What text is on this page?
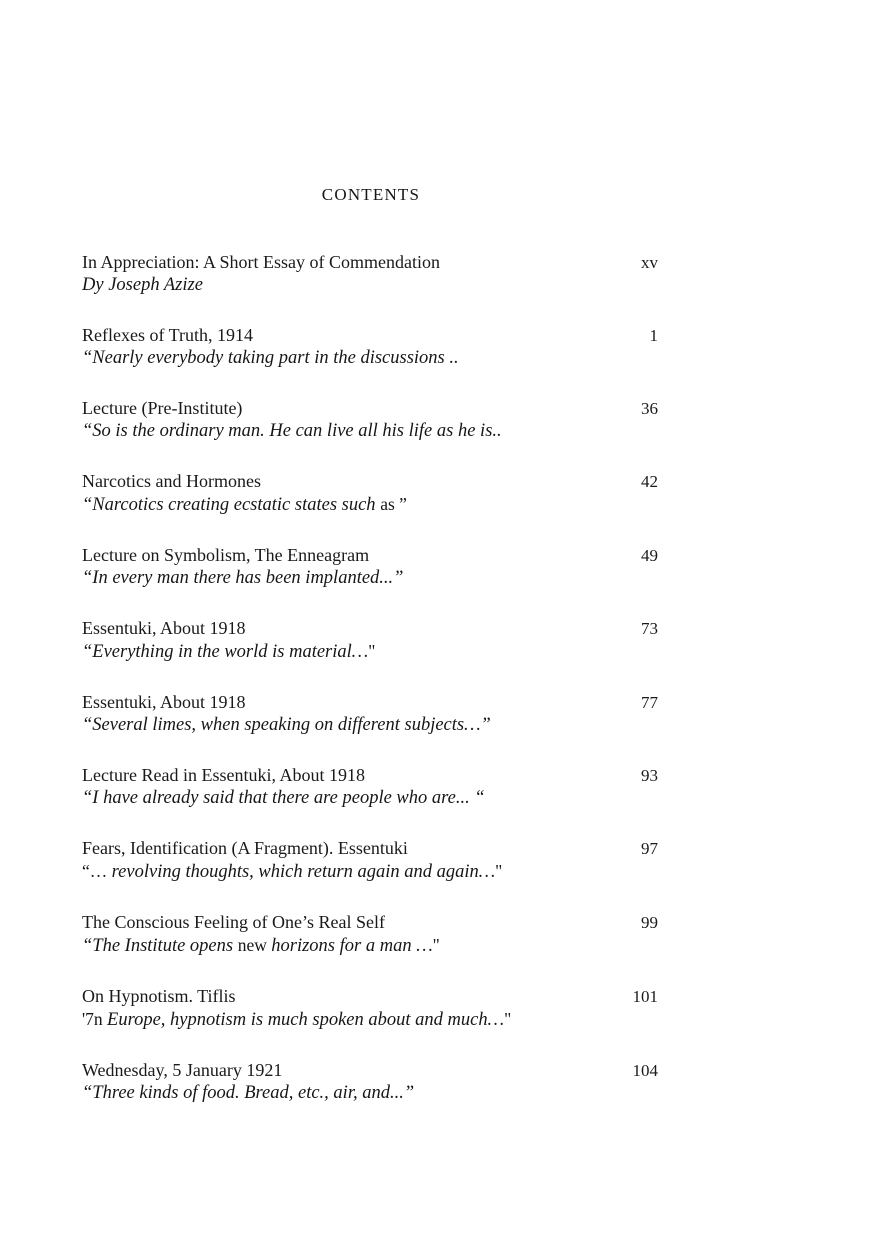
CONTENTS
In Appreciation: A Short Essay of Commendation	xv
Dy Joseph Azize
Reflexes of Truth, 1914	1
“Nearly everybody taking part in the discussions ..
Lecture (Pre-Institute)	36
“So is the ordinary man. He can live all his life as he is..
Narcotics and Hormones	42
“Narcotics creating ecstatic states such as ”
Lecture on Symbolism, The Enneagram	49
“In every man there has been implanted...”
Essentuki, About 1918	73
“Everything in the world is material…"
Essentuki, About 1918	77
“Several limes, when speaking on different subjects…”
Lecture Read in Essentuki, About 1918	93
“I have already said that there are people who are... “
Fears, Identification (A Fragment). Essentuki	97
“… revolving thoughts, which return again and again…"
The Conscious Feeling of One’s Real Self	99
“The Institute opens new horizons for a man …"
On Hypnotism. Tiflis	101
'7n Europe, hypnotism is much spoken about and much…"
Wednesday, 5 January 1921	104
“Three kinds of food. Bread, etc., air, and...”
